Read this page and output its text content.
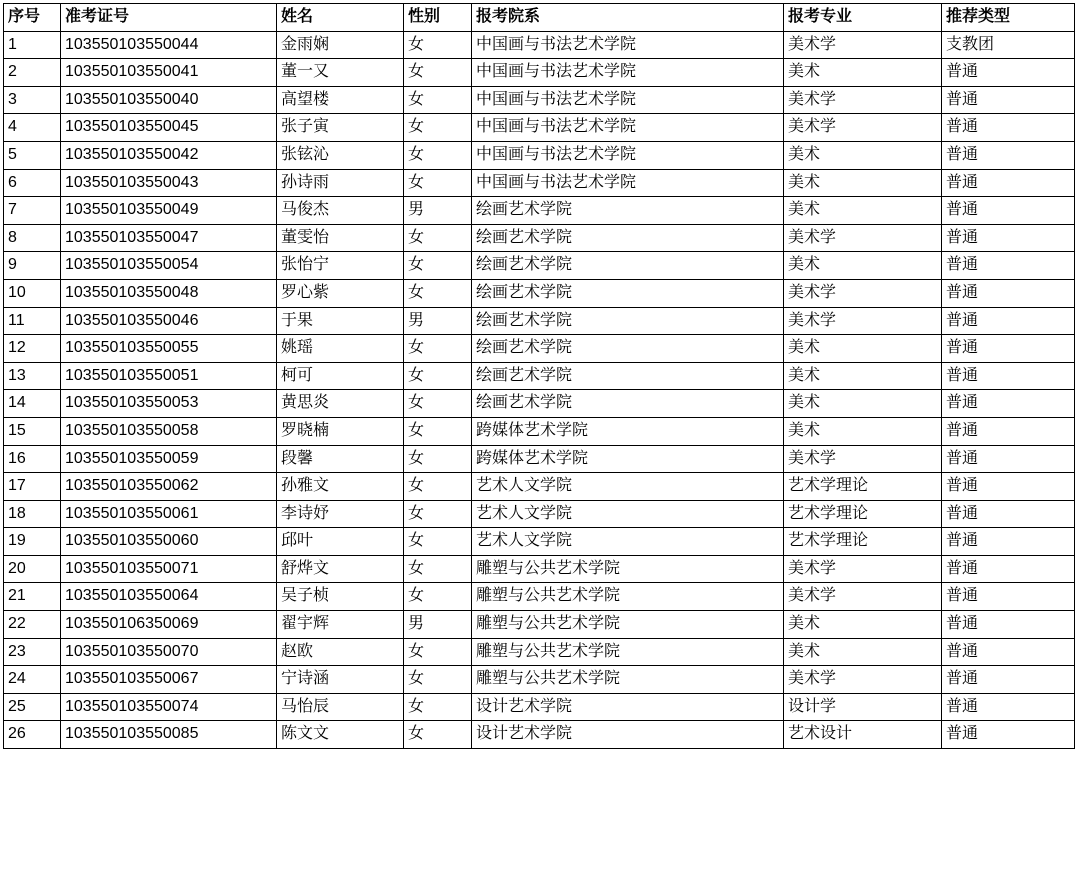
序号	准考证号	姓名	性别	报考院系	报考专业	推荐类型
1	103550103550044	金雨娴	女	中国画与书法艺术学院	美术学	支教团
2	103550103550041	董一又	女	中国画与书法艺术学院	美术	普通
3	103550103550040	高望楼	女	中国画与书法艺术学院	美术学	普通
4	103550103550045	张子寅	女	中国画与书法艺术学院	美术学	普通
5	103550103550042	张铉沁	女	中国画与书法艺术学院	美术	普通
6	103550103550043	孙诗雨	女	中国画与书法艺术学院	美术	普通
7	103550103550049	马俊杰	男	绘画艺术学院	美术	普通
8	103550103550047	董雯怡	女	绘画艺术学院	美术学	普通
9	103550103550054	张怡宁	女	绘画艺术学院	美术	普通
10	103550103550048	罗心紫	女	绘画艺术学院	美术学	普通
11	103550103550046	于果	男	绘画艺术学院	美术学	普通
12	103550103550055	姚瑶	女	绘画艺术学院	美术	普通
13	103550103550051	柯可	女	绘画艺术学院	美术	普通
14	103550103550053	黄思炎	女	绘画艺术学院	美术	普通
15	103550103550058	罗晓楠	女	跨媒体艺术学院	美术	普通
16	103550103550059	段馨	女	跨媒体艺术学院	美术学	普通
17	103550103550062	孙雅文	女	艺术人文学院	艺术学理论	普通
18	103550103550061	李诗妤	女	艺术人文学院	艺术学理论	普通
19	103550103550060	邱叶	女	艺术人文学院	艺术学理论	普通
20	103550103550071	舒烨文	女	雕塑与公共艺术学院	美术学	普通
21	103550103550064	吴子桢	女	雕塑与公共艺术学院	美术学	普通
22	103550106350069	翟宇辉	男	雕塑与公共艺术学院	美术	普通
23	103550103550070	赵欧	女	雕塑与公共艺术学院	美术	普通
24	103550103550067	宁诗涵	女	雕塑与公共艺术学院	美术学	普通
25	103550103550074	马怡辰	女	设计艺术学院	设计学	普通
26	103550103550085	陈文文	女	设计艺术学院	艺术设计	普通
